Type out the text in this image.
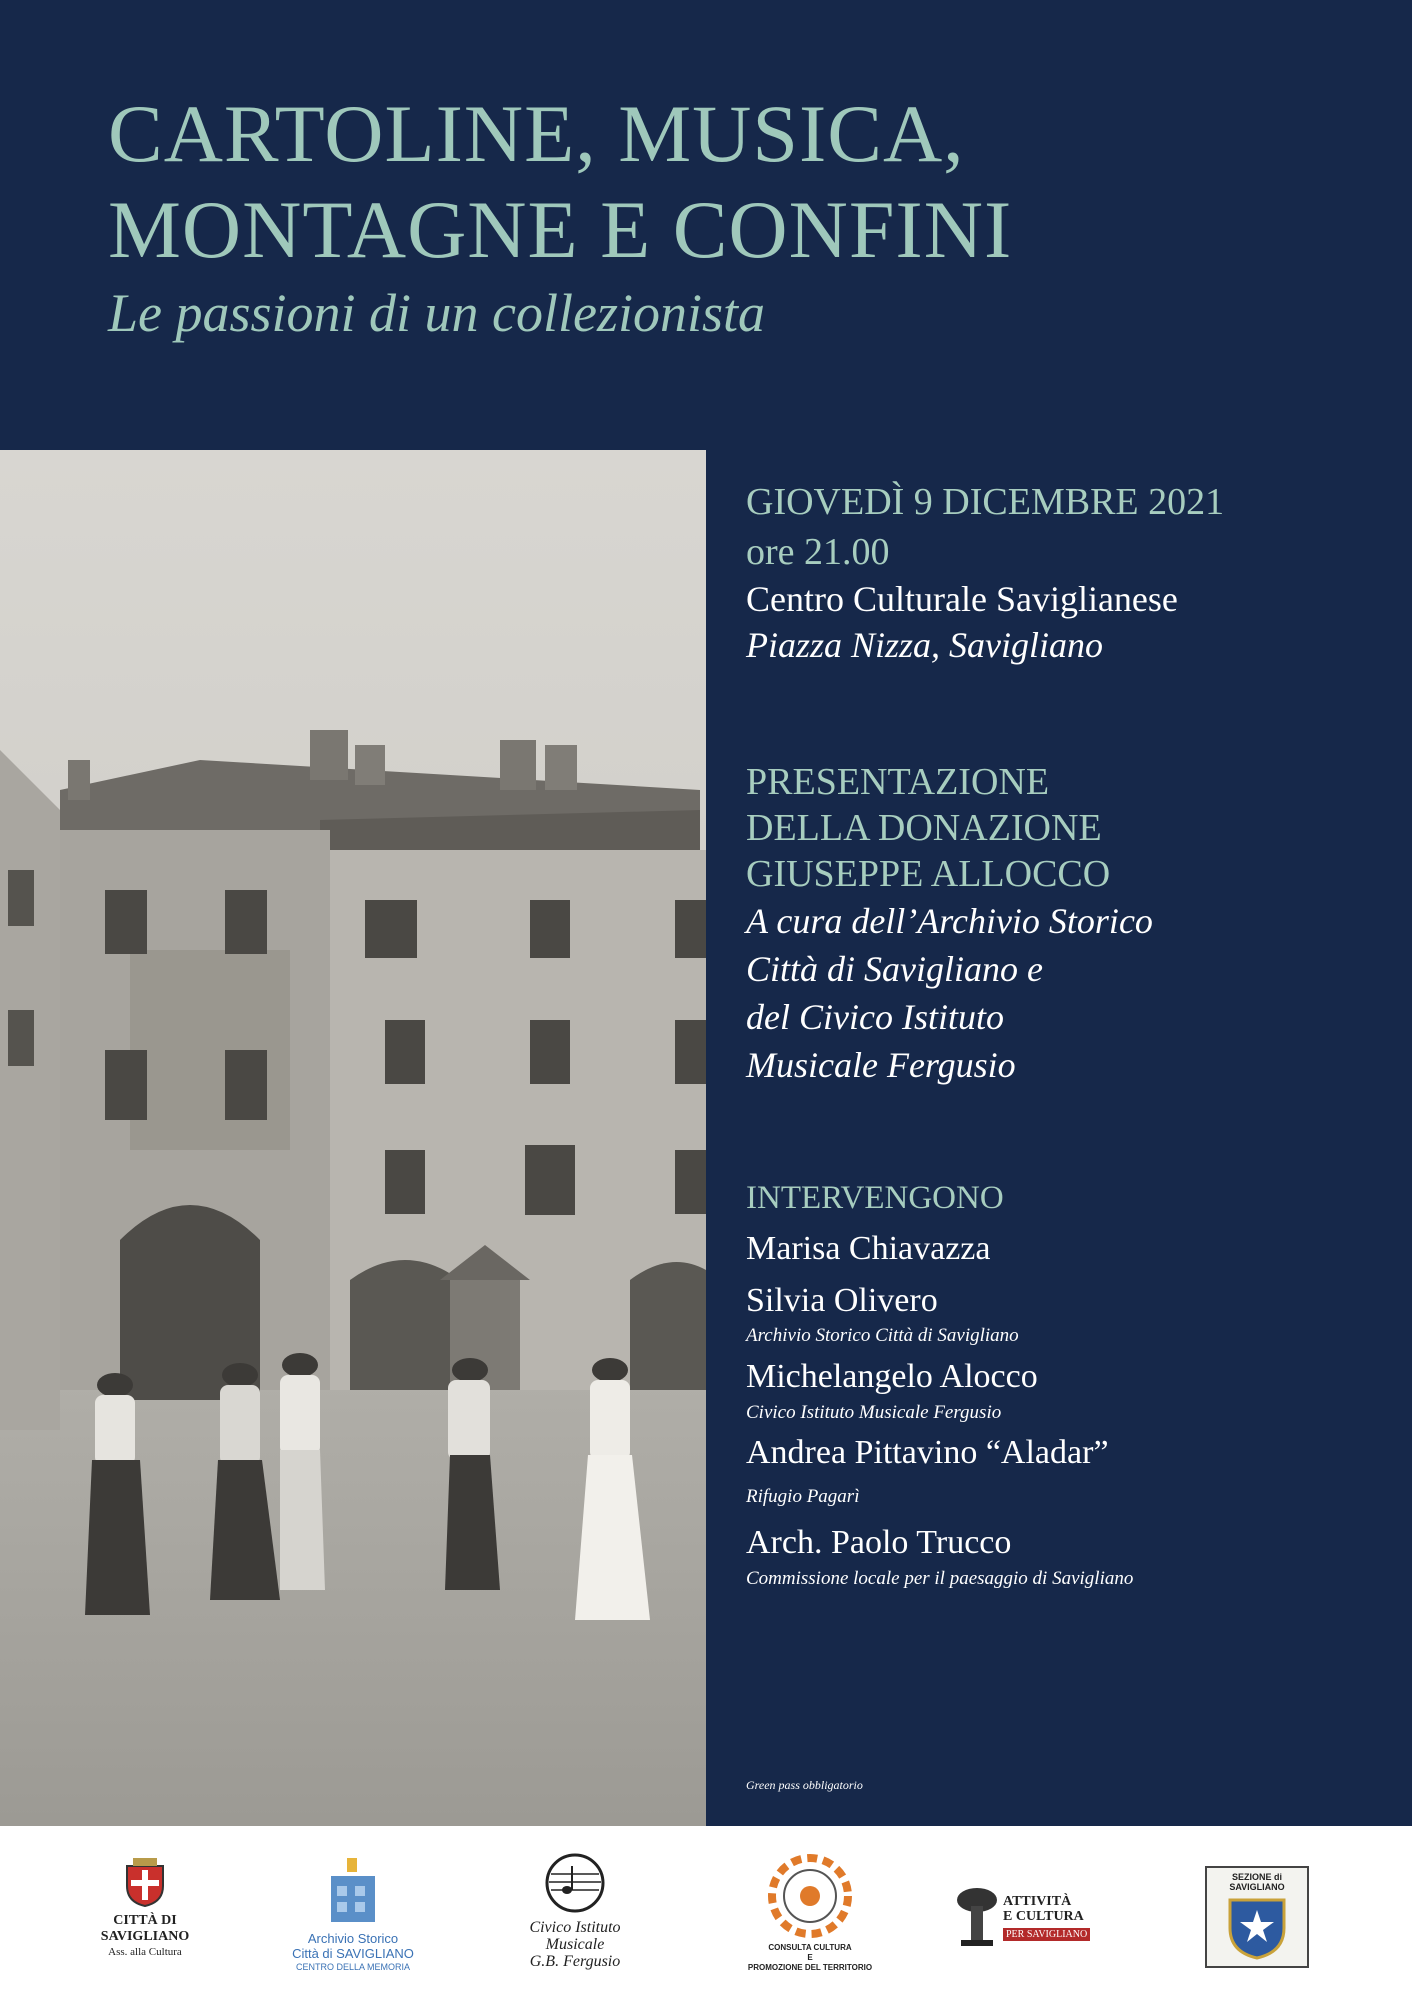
CARTOLINE, MUSICA,
MONTAGNE E CONFINI
Le passioni di un collezionista
GIOVEDÌ 9 DICEMBRE 2021
ore 21.00
Centro Culturale Saviglianese
Piazza Nizza, Savigliano
PRESENTAZIONE
DELLA DONAZIONE
GIUSEPPE ALLOCCO
A cura dell’Archivio Storico
Città di Savigliano e
del Civico Istituto
Musicale Fergusio
INTERVENGONO
Marisa Chiavazza
Silvia Olivero
Archivio Storico Città di Savigliano
Michelangelo Alocco
Civico Istituto Musicale Fergusio
Andrea Pittavino “Aladar”
Rifugio Pagarì
Arch. Paolo Trucco
Commissione locale per il paesaggio di Savigliano
Green pass obbligatorio
CITTÀ DI
SAVIGLIANO
Ass. alla Cultura
Archivio Storico
Città di SAVIGLIANO
CENTRO DELLA MEMORIA
Civico Istituto
Musicale
G.B. Fergusio
CONSULTA CULTURA
E
PROMOZIONE DEL TERRITORIO
ATTIVITÀ
E CULTURA
PER SAVIGLIANO
SEZIONE di SAVIGLIANO
